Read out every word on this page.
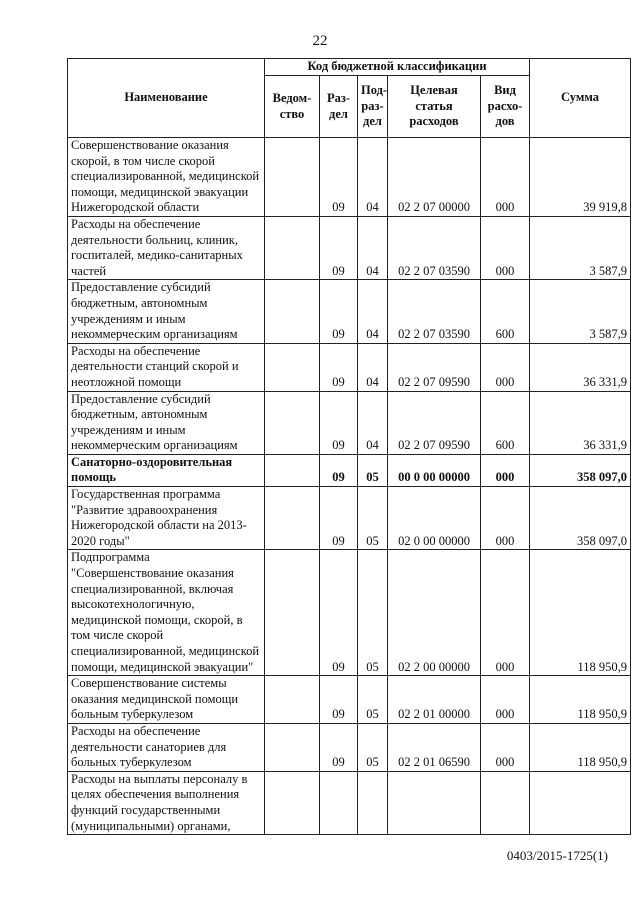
22
Наименование	Код бюджетной классификации					Сумма
	Ведом-ство	Раз-дел	Под-раз-дел	Целевая статья расходов	Вид расхо-дов	
Совершенствование оказания скорой, в том числе скорой специализированной, медицинской помощи, медицинской эвакуации Нижегородской области		09	04	02 2 07 00000	000	39 919,8
Расходы на обеспечение деятельности больниц, клиник, госпиталей, медико-санитарных частей		09	04	02 2 07 03590	000	3 587,9
Предоставление субсидий бюджетным, автономным учреждениям и иным некоммерческим организациям		09	04	02 2 07 03590	600	3 587,9
Расходы на обеспечение деятельности станций скорой и неотложной помощи		09	04	02 2 07 09590	000	36 331,9
Предоставление субсидий бюджетным, автономным учреждениям и иным некоммерческим организациям		09	04	02 2 07 09590	600	36 331,9
Санаторно-оздоровительная помощь		09	05	00 0 00 00000	000	358 097,0
Государственная программа "Развитие здравоохранения Нижегородской области на 2013-2020 годы"		09	05	02 0 00 00000	000	358 097,0
Подпрограмма "Совершенствование оказания специализированной, включая высокотехнологичную, медицинской помощи, скорой, в том числе скорой специализированной, медицинской помощи, медицинской эвакуации"		09	05	02 2 00 00000	000	118 950,9
Совершенствование системы оказания медицинской помощи больным туберкулезом		09	05	02 2 01 00000	000	118 950,9
Расходы на обеспечение деятельности санаториев для больных туберкулезом		09	05	02 2 01 06590	000	118 950,9
Расходы на выплаты персоналу в целях обеспечения выполнения функций государственными (муниципальными) органами,						
0403/2015-1725(1)
